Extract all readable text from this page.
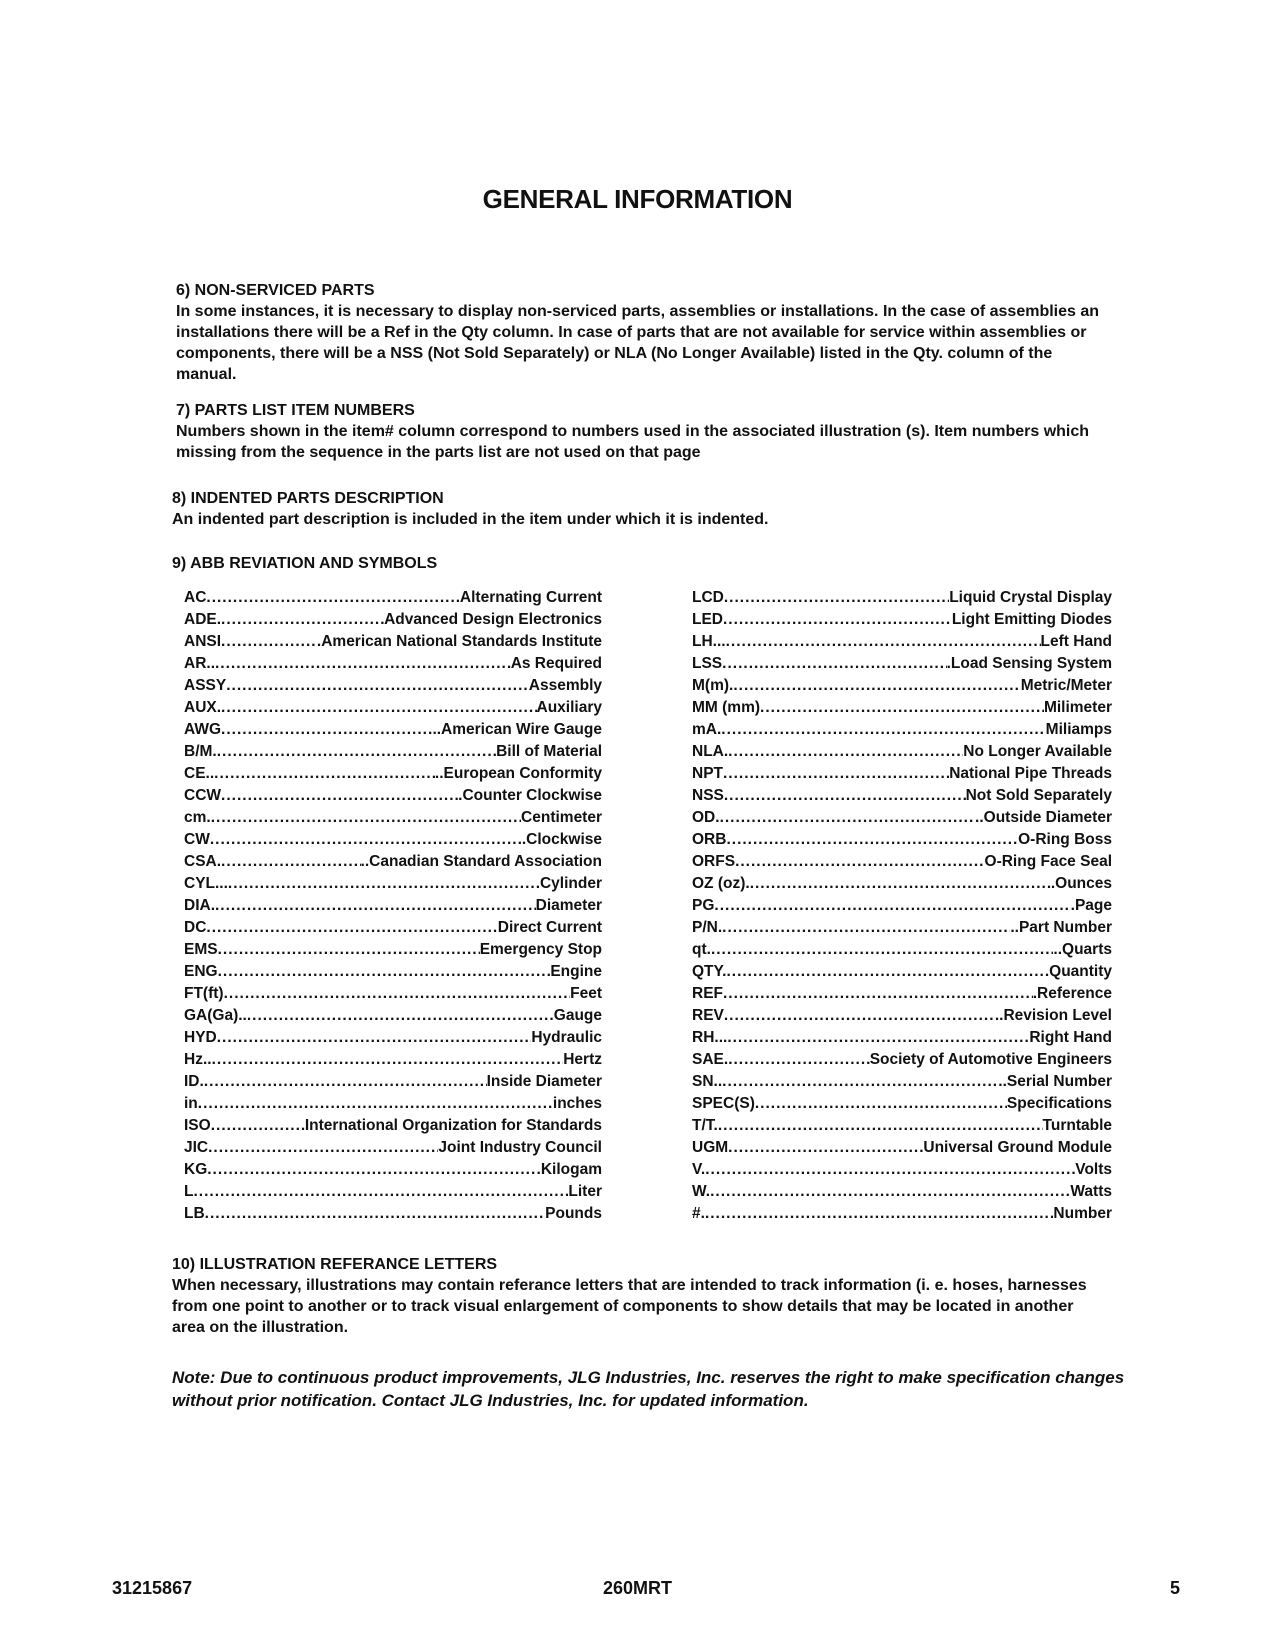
GENERAL INFORMATION
6) NON-SERVICED PARTS

In some instances, it is necessary to display non-serviced parts, assemblies or installations. In the case of assemblies an

installations there will be a Ref in the Qty column. In case of parts that are not available for service within assemblies or

components, there will be a NSS (Not Sold Separately) or NLA (No Longer Available) listed in the Qty. column of the

manual.

7) PARTS LIST ITEM NUMBERS

Numbers shown in the item# column correspond to numbers used in the associated illustration (s). Item numbers which

missing from the sequence in the parts list are not used on that page

8) INDENTED PARTS DESCRIPTION

An indented part description is included in the item under which it is indented.

9) ABB REVIATION AND SYMBOLS
AC .....	Alternating Current
ADE. .....	Advanced Design Electronics
ANSI .....	.American National Standards Institute
AR.. .....	As Required
ASSY .....	Assembly
AUX. .....	Auxiliary
AWG .....	..American Wire Gauge
B/M. .....	Bill of Material
CE.. .....	..European Conformity
CCW .....	.Counter Clockwise
cm. .....	Centimeter
CW .....	.Clockwise
CSA. .....	..Canadian Standard Association
CYL... .....	Cylinder
DIA. .....	Diameter
DC .....	Direct Current
EMS .....	Emergency Stop
ENG .....	Engine
FT(ft) .....	Feet
GA(Ga).. .....	Gauge
HYD .....	Hydraulic
Hz.. .....	Hertz
ID. .....	Inside Diameter
in .....	inches
ISO .....	International Organization for Standards
JIC .....	Joint Industry Council
KG .....	.Kilogam
L .....	Liter
LB .....	Pounds
LCD .....	Liquid Crystal Display
LED .....	Light Emitting Diodes
LH... .....	Left Hand
LSS .....	.Load Sensing System
M(m). .....	Metric/Meter
MM (mm) .....	Milimeter
mA. .....	Miliamps
NLA. .....	No Longer Available
NPT .....	National Pipe Threads
NSS .....	Not Sold Separately
OD. .....	..Outside Diameter
ORB .....	O-Ring Boss
ORFS .....	O-Ring Face Seal
OZ (oz). .....	.Ounces
PG .....	.Page
P/N. .....	..Part Number
qt. .....	..Quarts
QTY. .....	.Quantity
REF .....	.Reference
REV .....	..Revision Level
RH... .....	Right Hand
SAE. .....	Society of Automotive Engineers
SN.. .....	..Serial Number
SPEC(S) .....	Specifications
T/T. .....	Turntable
UGM .....	Universal Ground Module
V. .....	Volts
W. .....	Watts
#. .....	Number
10) ILLUSTRATION REFERANCE LETTERS

When necessary, illustrations may contain referance letters that are intended to track information (i. e. hoses, harnesses

from one point to another or to track visual enlargement of components to show details that may be located in another

area on the illustration.

Note: Due to continuous product improvements, JLG Industries, Inc. reserves the right to make specification changes

without prior notification. Contact JLG Industries, Inc. for updated information.

31215867	260MRT	5
